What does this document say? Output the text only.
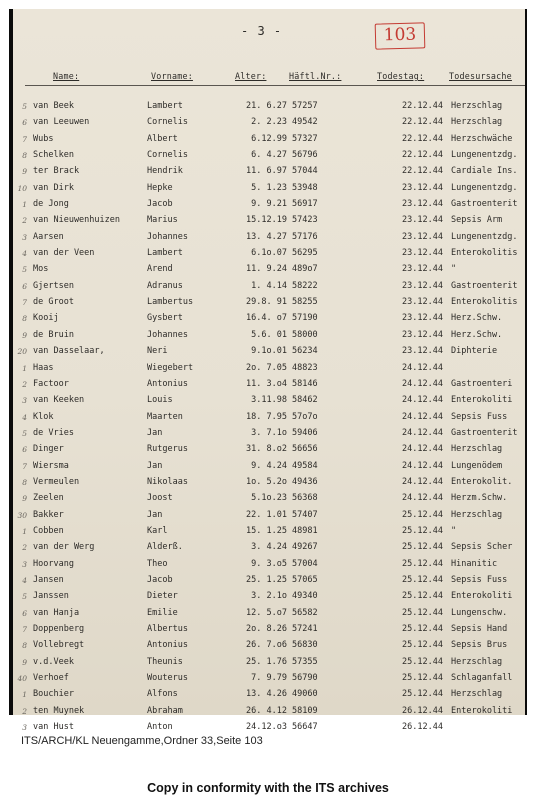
- 3 -	103
Name:	Vorname:	Alter:	Häftl.Nr.:	Todestag:	Todesursache
5 van Beek	Lambert	21. 6.27 57257	22.12.44 Herzschlag
6 van Leeuwen	Cornelis	2. 2.23 49542	22.12.44 Herzschlag
7 Wubs	Albert	6.12.99 57327	22.12.44 Herzschwäche
8 Schelken	Cornelis	6. 4.27 56796	22.12.44 Lungenentzdg.
9 ter Brack	Hendrik	11. 6.97 57044	22.12.44 Cardiale Ins.
10 van Dirk	Hepke	5. 1.23 53948	23.12.44 Lungenentzdg.
1 de Jong	Jacob	9. 9.21 56917	23.12.44 Gastroenterit
2 van Nieuwenhuizen	Marius	15.12.19 57423	23.12.44 Sepsis Arm
3 Aarsen	Johannes	13. 4.27 57176	23.12.44 Lungenentzdg.
4 van der Veen	Lambert	6.1o.07 56295	23.12.44 Enterokolitis
5 Mos	Arend	11. 9.24 489o7	23.12.44 "
6 Gjertsen	Adranus	1. 4.14 58222	23.12.44 Gastroenterit
7 de Groot	Lambertus	29.8. 91 58255	23.12.44 Enterokolitis
8 Kooij	Gysbert	16.4. o7 57190	23.12.44 Herz.Schw.
9 de Bruin	Johannes	5.6. 01 58000	23.12.44 Herz.Schw.
20 van Dasselaar,	Neri	9.1o.01 56234	23.12.44 Diphterie
1 Haas	Wiegebert	2o. 7.05 48823	24.12.44
2 Factoor	Antonius	11. 3.o4 58146	24.12.44 Gastroenteri
3 van Keeken	Louis	3.11.98 58462	24.12.44 Enterokoliti
4 Klok	Maarten	18. 7.95 57o7o	24.12.44 Sepsis Fuss
5 de Vries	Jan	3. 7.1o 59406	24.12.44 Gastroenterit
6 Dinger	Rutgerus	31. 8.o2 56656	24.12.44 Herzschlag
7 Wiersma	Jan	9. 4.24 49584	24.12.44 Lungenödem
8 Vermeulen	Nikolaas	1o. 5.2o 49436	24.12.44 Enterokolit.
9 Zeelen	Joost	5.1o.23 56368	24.12.44 Herzm.Schw.
30 Bakker	Jan	22. 1.01 57407	25.12.44 Herzschlag
1 Cobben	Karl	15. 1.25 48981	25.12.44 "
2 van der Werg	Alderß.	3. 4.24 49267	25.12.44 Sepsis Scher
3 Hoorvang	Theo	9. 3.o5 57004	25.12.44 Hinanitic
4 Jansen	Jacob	25. 1.25 57065	25.12.44 Sepsis Fuss
5 Janssen	Dieter	3. 2.1o 49340	25.12.44 Enterokoliti
6 van Hanja	Emilie	12. 5.o7 56582	25.12.44 Lungenschw.
7 Doppenberg	Albertus	2o. 8.26 57241	25.12.44 Sepsis Hand
8 Vollebregt	Antonius	26. 7.o6 56830	25.12.44 Sepsis Brus
9 v.d.Veek	Theunis	25. 1.76 57355	25.12.44 Herzschlag
40 Verhoef	Wouterus	7. 9.79 56790	25.12.44 Schlaganfall
1 Bouchier	Alfons	13. 4.26 49060	25.12.44 Herzschlag
2 ten Muynek	Abraham	26. 4.12 58109	26.12.44 Enterokoliti
3 van Hust	Anton	24.12.o3 56647	26.12.44
ITS/ARCH/KL Neuengamme,Ordner 33,Seite 103
Copy in conformity with the ITS archives
